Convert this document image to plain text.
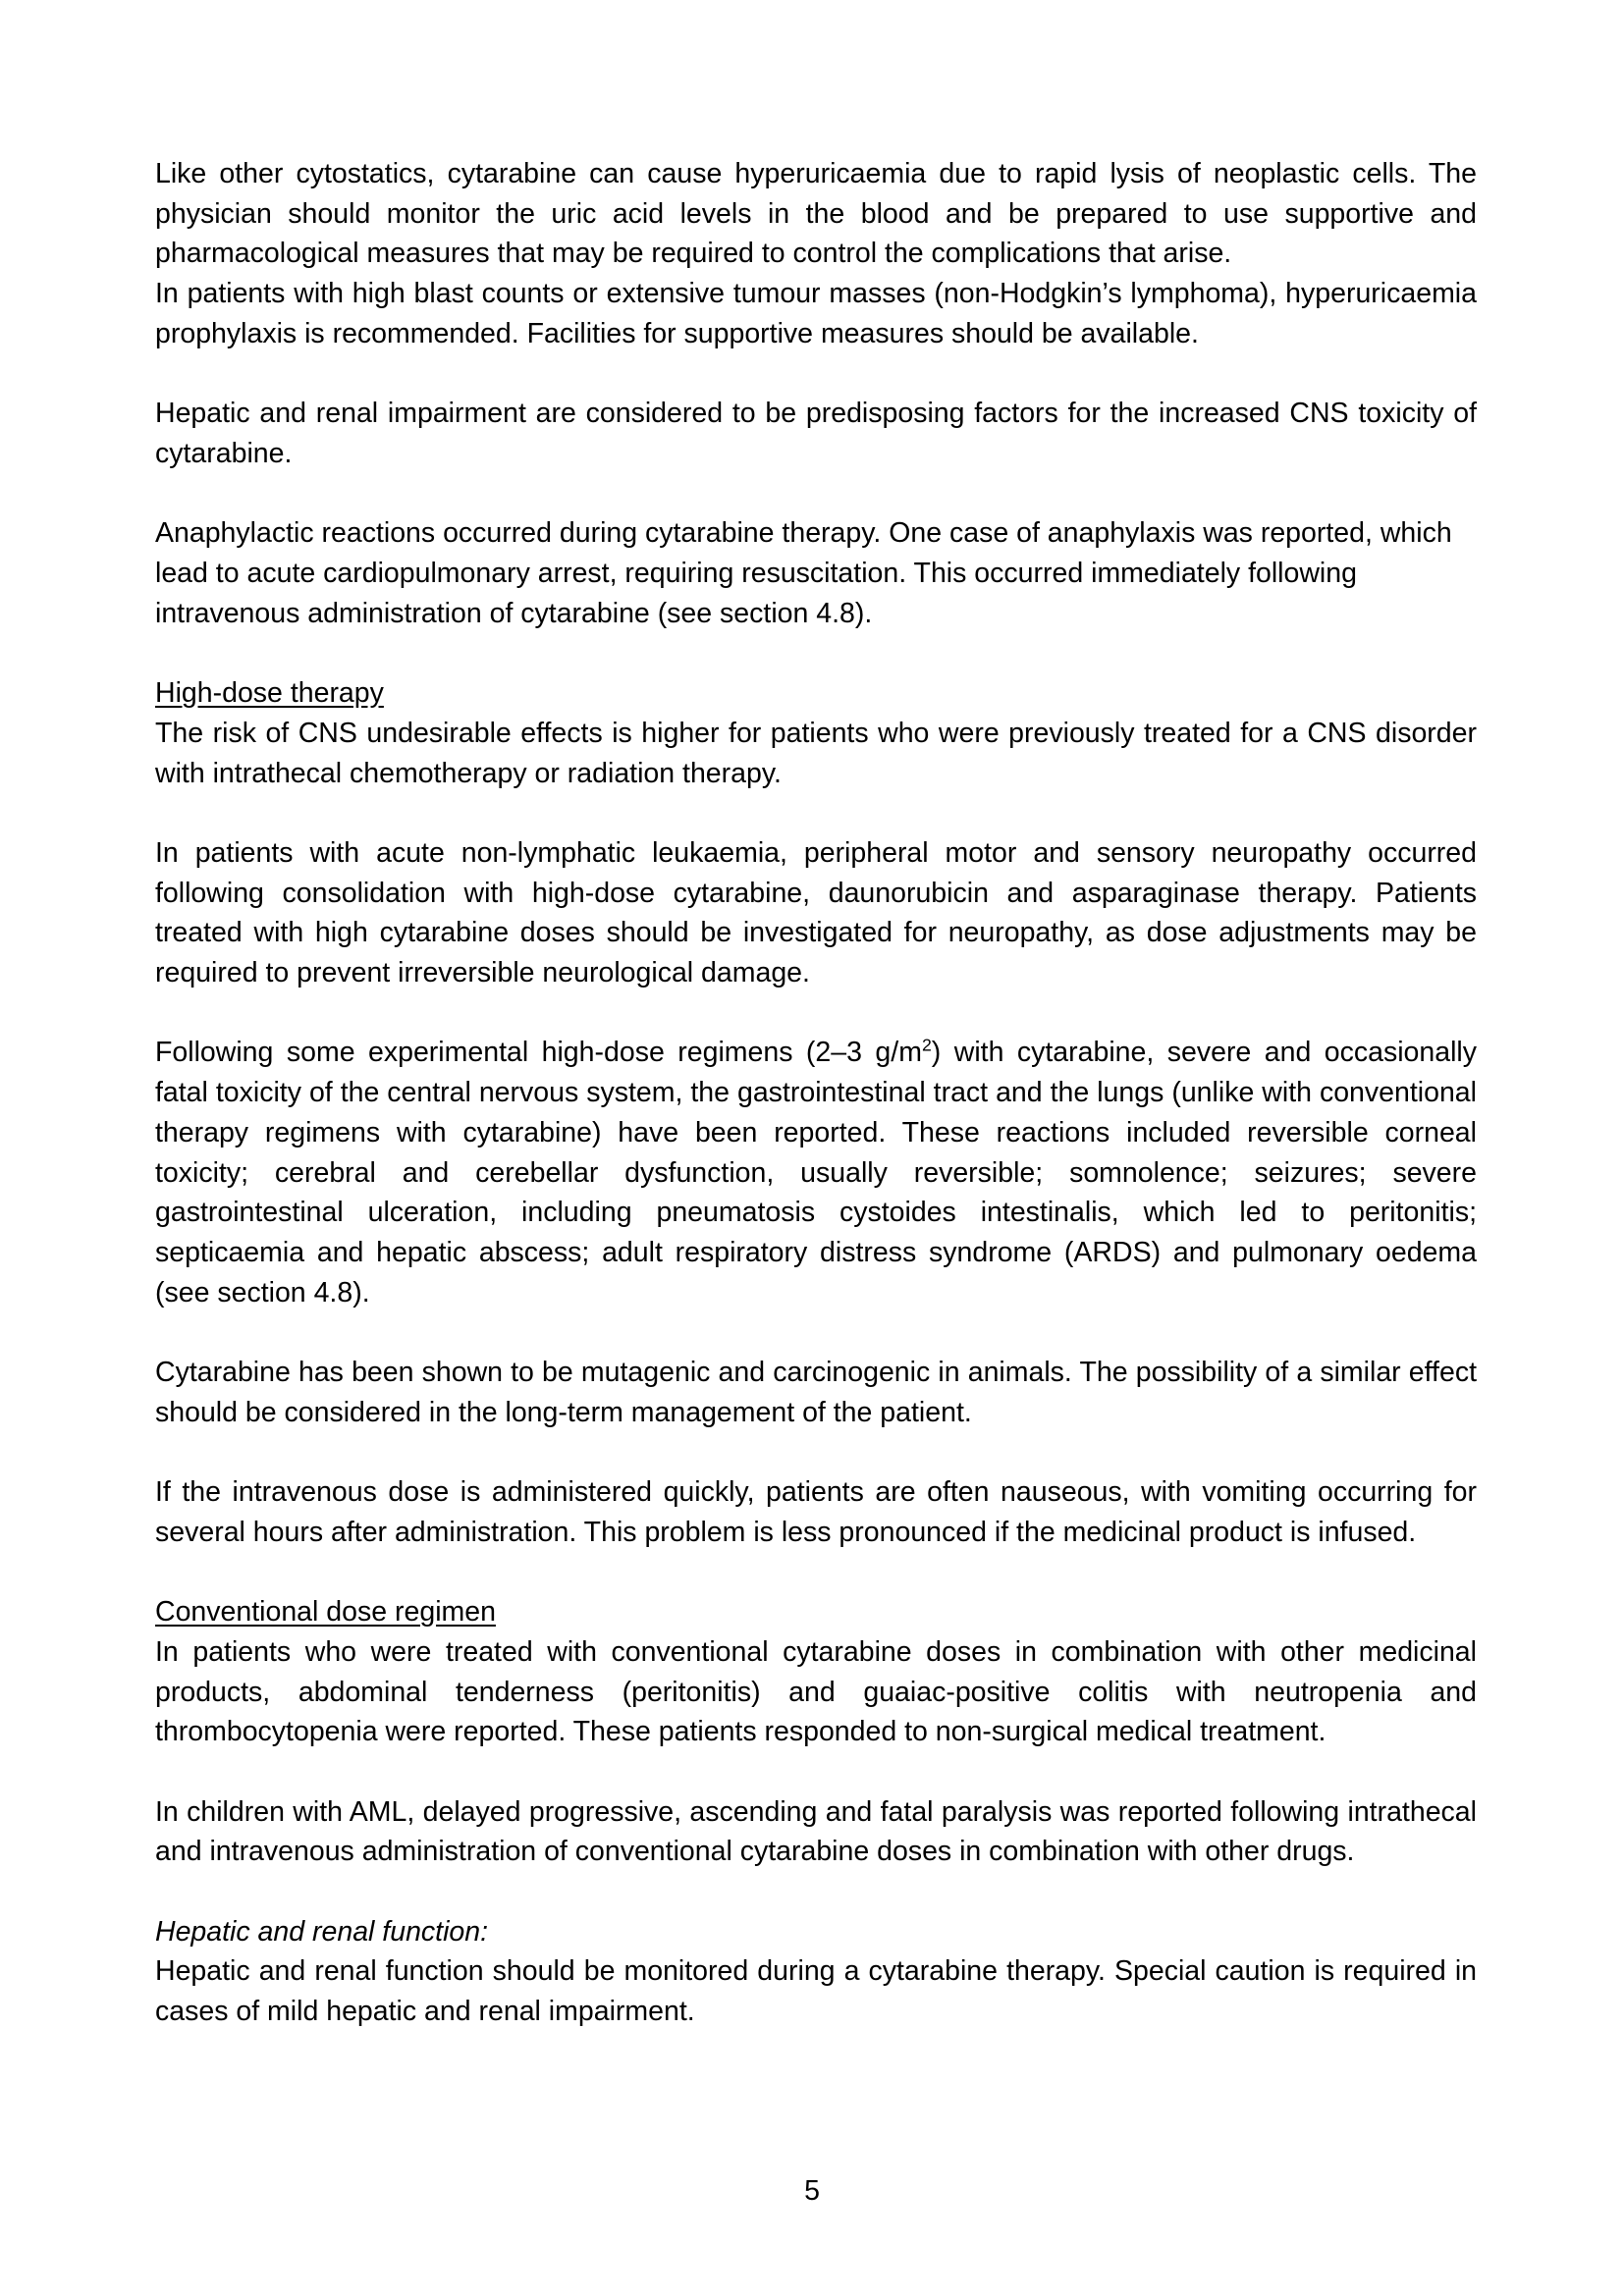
Like other cytostatics, cytarabine can cause hyperuricaemia due to rapid lysis of neoplastic cells. The physician should monitor the uric acid levels in the blood and be prepared to use supportive and pharmacological measures that may be required to control the complications that arise.
In patients with high blast counts or extensive tumour masses (non-Hodgkin’s lymphoma), hyperuricaemia prophylaxis is recommended. Facilities for supportive measures should be available.

Hepatic and renal impairment are considered to be predisposing factors for the increased CNS toxicity of cytarabine.

Anaphylactic reactions occurred during cytarabine therapy. One case of anaphylaxis was reported, which lead to acute cardiopulmonary arrest, requiring resuscitation. This occurred immediately following intravenous administration of cytarabine (see section 4.8).

High-dose therapy
The risk of CNS undesirable effects is higher for patients who were previously treated for a CNS disorder with intrathecal chemotherapy or radiation therapy.

In patients with acute non-lymphatic leukaemia, peripheral motor and sensory neuropathy occurred following consolidation with high-dose cytarabine, daunorubicin and asparaginase therapy. Patients treated with high cytarabine doses should be investigated for neuropathy, as dose adjustments may be required to prevent irreversible neurological damage.

Following some experimental high-dose regimens (2–3 $g/m^2$) with cytarabine, severe and occasionally fatal toxicity of the central nervous system, the gastrointestinal tract and the lungs (unlike with conventional therapy regimens with cytarabine) have been reported. These reactions included reversible corneal toxicity; cerebral and cerebellar dysfunction, usually reversible; somnolence; seizures; severe gastrointestinal ulceration, including pneumatosis cystoides intestinalis, which led to peritonitis; septicaemia and hepatic abscess; adult respiratory distress syndrome (ARDS) and pulmonary oedema (see section 4.8).

Cytarabine has been shown to be mutagenic and carcinogenic in animals. The possibility of a similar effect should be considered in the long-term management of the patient.

If the intravenous dose is administered quickly, patients are often nauseous, with vomiting occurring for several hours after administration. This problem is less pronounced if the medicinal product is infused.

Conventional dose regimen
In patients who were treated with conventional cytarabine doses in combination with other medicinal products, abdominal tenderness (peritonitis) and guaiac-positive colitis with neutropenia and thrombocytopenia were reported. These patients responded to non-surgical medical treatment.

In children with AML, delayed progressive, ascending and fatal paralysis was reported following intrathecal and intravenous administration of conventional cytarabine doses in combination with other drugs.

Hepatic and renal function:
Hepatic and renal function should be monitored during a cytarabine therapy. Special caution is required in cases of mild hepatic and renal impairment.

5
